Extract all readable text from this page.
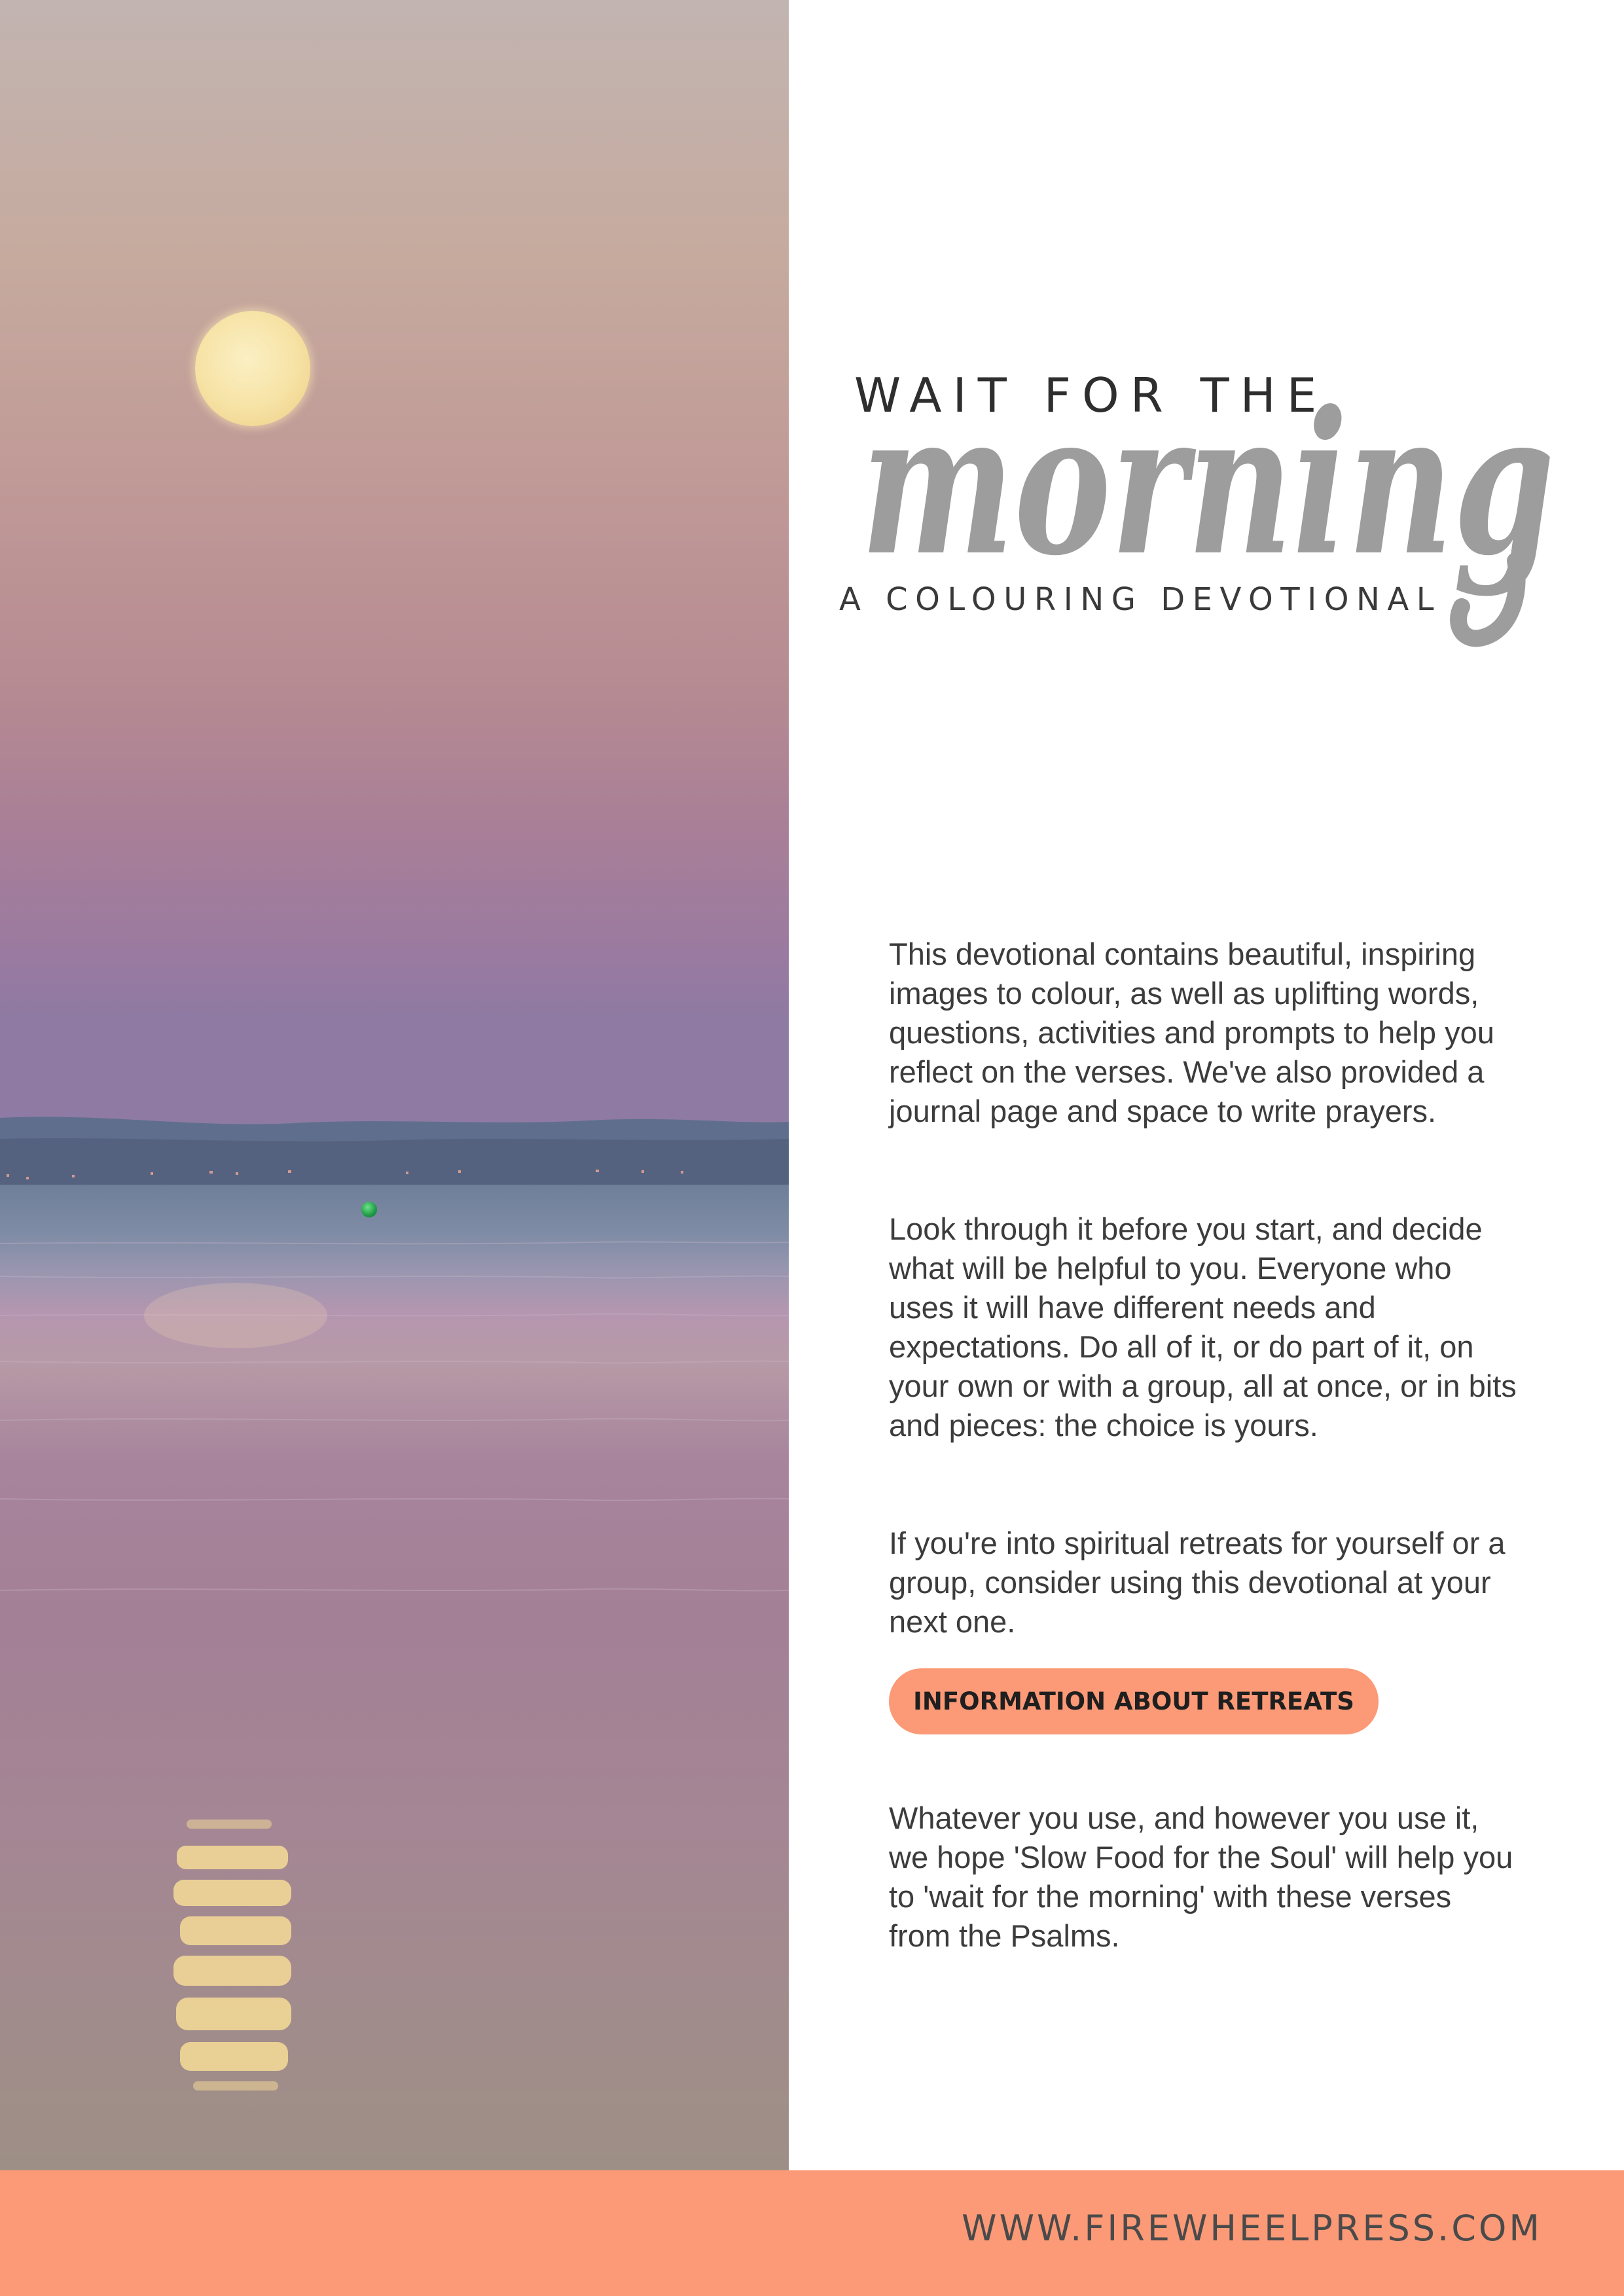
WAIT FOR THE
morning
A COLOURING DEVOTIONAL

This devotional contains beautiful, inspiring images to colour, as well as uplifting words, questions, activities and prompts to help you reflect on the verses. We've also provided a journal page and space to write prayers.

Look through it before you start, and decide what will be helpful to you. Everyone who uses it will have different needs and expectations. Do all of it, or do part of it, on your own or with a group, all at once, or in bits and pieces: the choice is yours.

If you're into spiritual retreats for yourself or a group, consider using this devotional at your next one.

INFORMATION ABOUT RETREATS

Whatever you use, and however you use it, we hope 'Slow Food for the Soul' will help you to 'wait for the morning' with these verses from the Psalms.

WWW.FIREWHEELPRESS.COM
